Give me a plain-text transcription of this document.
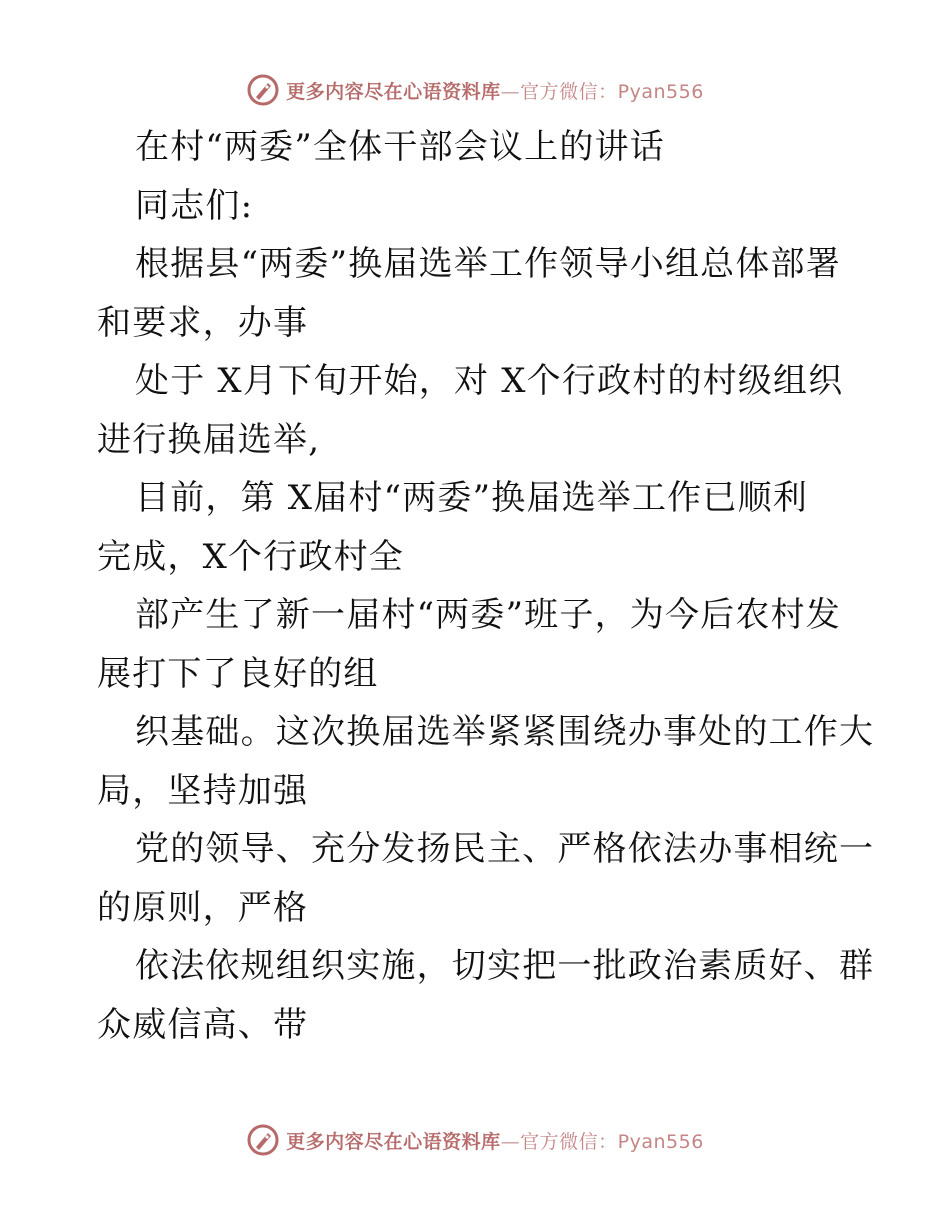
更多内容尽在心语资料库—官方微信：Pyan556
在村“两委”全体干部会议上的讲话
同志们:
根据县“两委”换届选举工作领导小组总体部署
和要求，办事
处于 X月下旬开始，对 X个行政村的村级组织
进行换届选举,
目前，第 X届村“两委”换届选举工作已顺利
完成，X个行政村全
部产生了新一届村“两委”班子，为今后农村发
展打下了良好的组
织基础。这次换届选举紧紧围绕办事处的工作大
局，坚持加强
党的领导、充分发扬民主、严格依法办事相统一
的原则，严格
依法依规组织实施，切实把一批政治素质好、群
众威信高、带
更多内容尽在心语资料库—官方微信：Pyan556
